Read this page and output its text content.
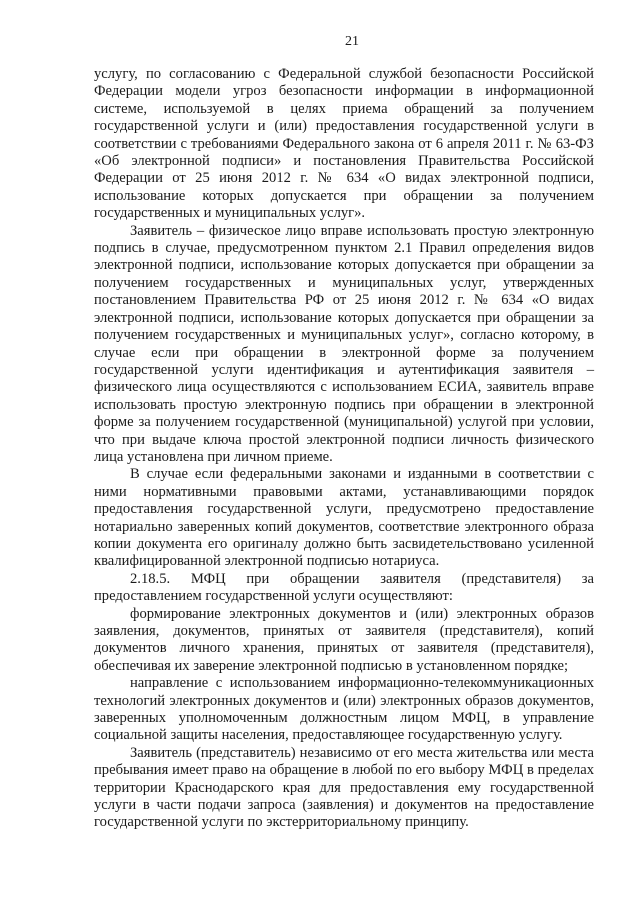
21

услугу, по согласованию с Федеральной службой безопасности Российской Федерации модели угроз безопасности информации в информационной системе, используемой в целях приема обращений за получением государственной услуги и (или) предоставления государственной услуги в соответствии с требованиями Федерального закона от 6 апреля 2011 г. № 63-ФЗ «Об электронной подписи» и постановления Правительства Российской Федерации от 25 июня 2012 г. № 634 «О видах электронной подписи, использование которых допускается при обращении за получением государственных и муниципальных услуг».

Заявитель – физическое лицо вправе использовать простую электронную подпись в случае, предусмотренном пунктом 2.1 Правил определения видов электронной подписи, использование которых допускается при обращении за получением государственных и муниципальных услуг, утвержденных постановлением Правительства РФ от 25 июня 2012 г. № 634 «О видах электронной подписи, использование которых допускается при обращении за получением государственных и муниципальных услуг», согласно которому, в случае если при обращении в электронной форме за получением государственной услуги идентификация и аутентификация заявителя – физического лица осуществляются с использованием ЕСИА, заявитель вправе использовать простую электронную подпись при обращении в электронной форме за получением государственной (муниципальной) услугой при условии, что при выдаче ключа простой электронной подписи личность физического лица установлена при личном приеме.

В случае если федеральными законами и изданными в соответствии с ними нормативными правовыми актами, устанавливающими порядок предоставления государственной услуги, предусмотрено предоставление нотариально заверенных копий документов, соответствие электронного образа копии документа его оригиналу должно быть засвидетельствовано усиленной квалифицированной электронной подписью нотариуса.

2.18.5. МФЦ при обращении заявителя (представителя) за предоставлением государственной услуги осуществляют:

формирование электронных документов и (или) электронных образов заявления, документов, принятых от заявителя (представителя), копий документов личного хранения, принятых от заявителя (представителя), обеспечивая их заверение электронной подписью в установленном порядке;

направление с использованием информационно-телекоммуникационных технологий электронных документов и (или) электронных образов документов, заверенных уполномоченным должностным лицом МФЦ, в управление социальной защиты населения, предоставляющее государственную услугу.

Заявитель (представитель) независимо от его места жительства или места пребывания имеет право на обращение в любой по его выбору МФЦ в пределах территории Краснодарского края для предоставления ему государственной услуги в части подачи запроса (заявления) и документов на предоставление государственной услуги по экстерриториальному принципу.
